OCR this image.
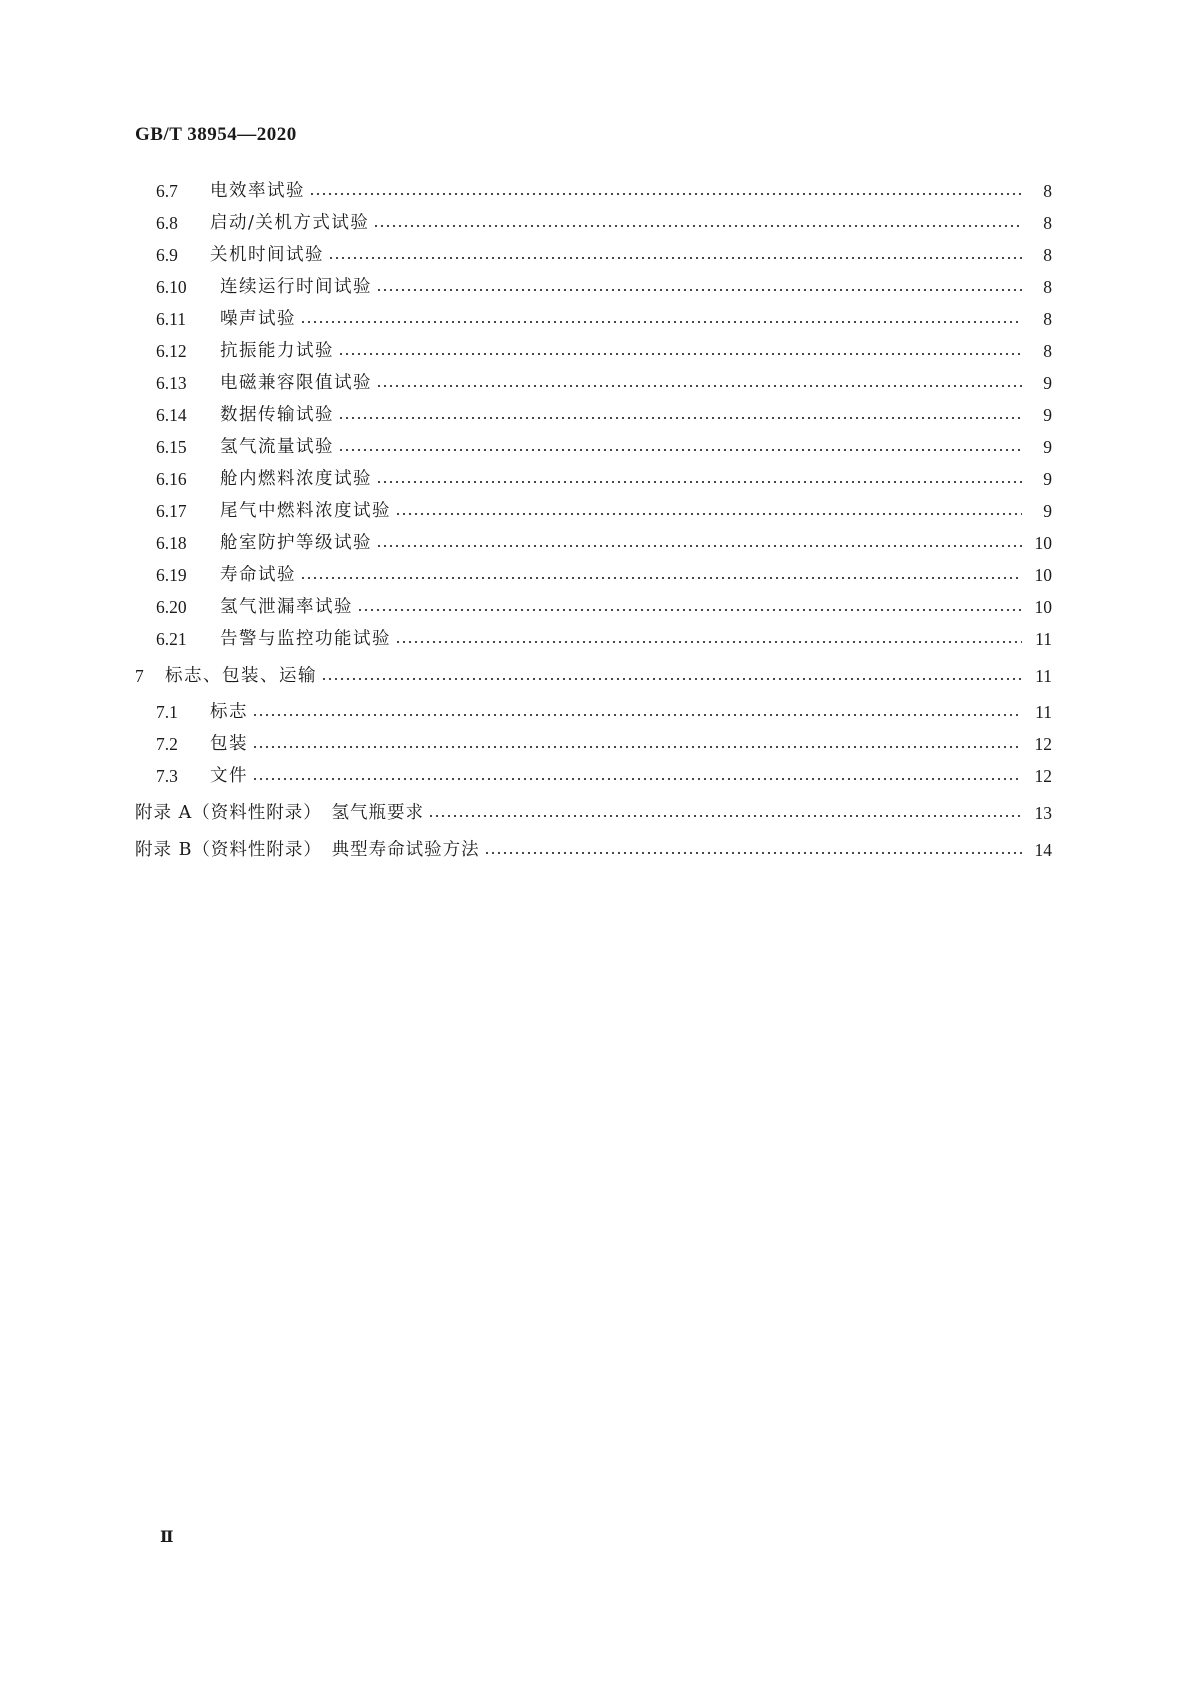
GB/T 38954—2020
6.7	电效率试验	8
6.8	启动/关机方式试验	8
6.9	关机时间试验	8
6.10	连续运行时间试验	8
6.11	噪声试验	8
6.12	抗振能力试验	8
6.13	电磁兼容限值试验	9
6.14	数据传输试验	9
6.15	氢气流量试验	9
6.16	舱内燃料浓度试验	9
6.17	尾气中燃料浓度试验	9
6.18	舱室防护等级试验	10
6.19	寿命试验	10
6.20	氢气泄漏率试验	10
6.21	告警与监控功能试验	11
7	标志、包装、运输	11
7.1	标志	11
7.2	包装	12
7.3	文件	12
附录 A（资料性附录）　氢气瓶要求	13
附录 B（资料性附录）　典型寿命试验方法	14
Ⅱ
